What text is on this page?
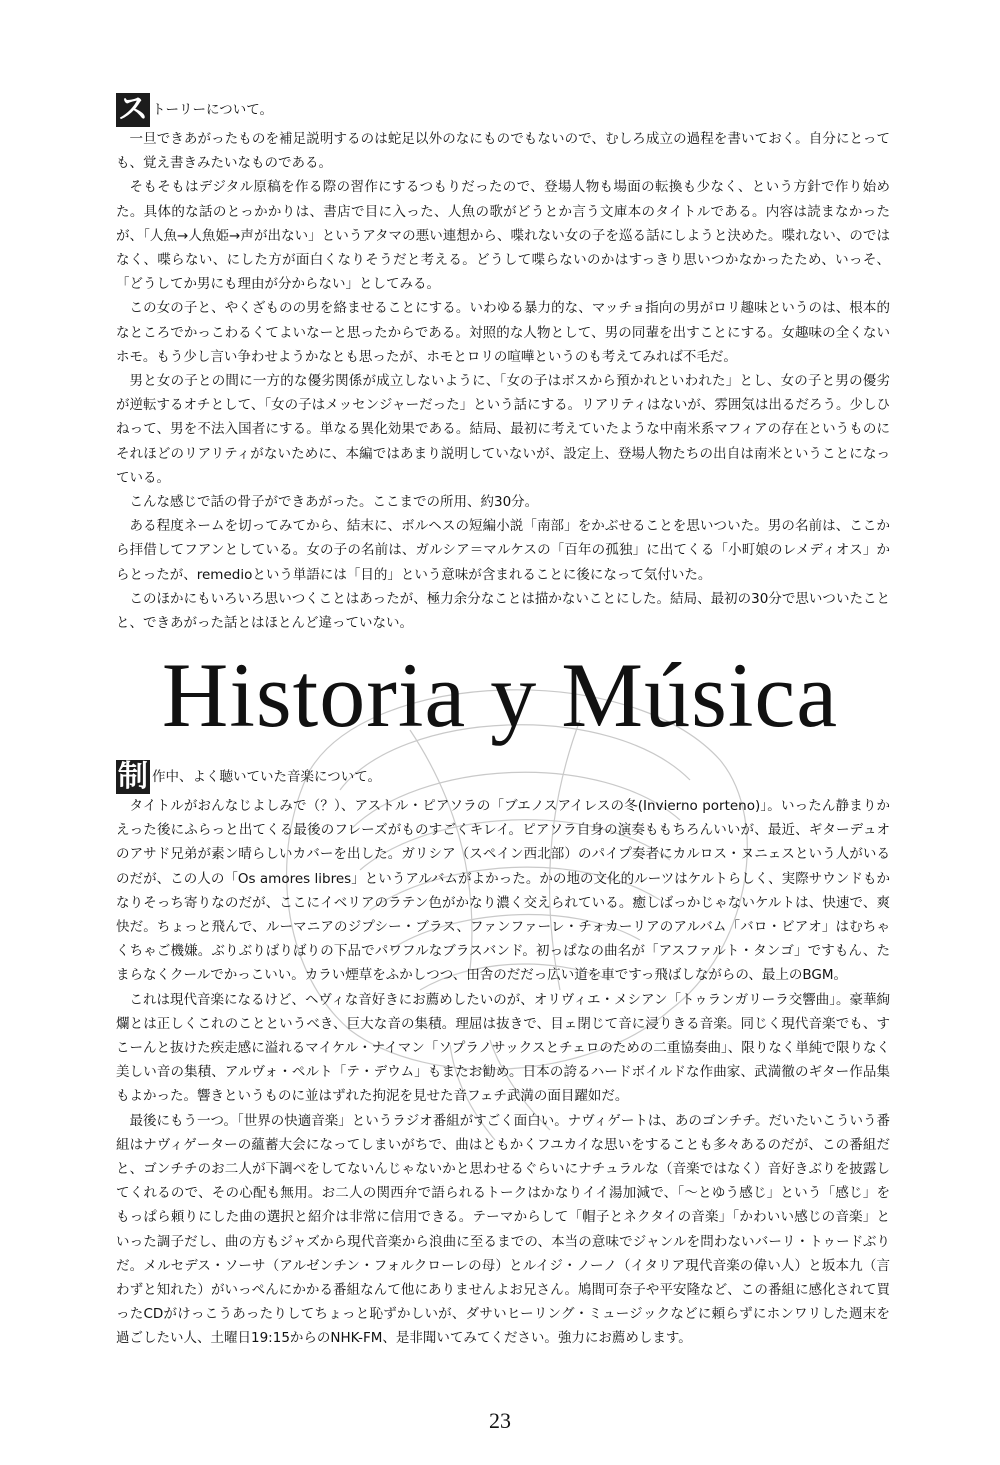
ス トーリーについて。

一旦できあがったものを補足説明するのは蛇足以外のなにものでもないので、むしろ成立の過程を書いておく。自分にとっても、覚え書きみたいなものである。

そもそもはデジタル原稿を作る際の習作にするつもりだったので、登場人物も場面の転換も少なく、という方針で作り始めた。具体的な話のとっかかりは、書店で目に入った、人魚の歌がどうとか言う文庫本のタイトルである。内容は読まなかったが、「人魚→人魚姫→声が出ない」というアタマの悪い連想から、喋れない女の子を巡る話にしようと決めた。喋れない、のではなく、喋らない、にした方が面白くなりそうだと考える。どうして喋らないのかはすっきり思いつかなかったため、いっそ、「どうしてか男にも理由が分からない」としてみる。

この女の子と、やくざものの男を絡ませることにする。いわゆる暴力的な、マッチョ指向の男がロリ趣味というのは、根本的なところでかっこわるくてよいなーと思ったからである。対照的な人物として、男の同輩を出すことにする。女趣味の全くないホモ。もう少し言い争わせようかなとも思ったが、ホモとロリの喧嘩というのも考えてみれば不毛だ。

男と女の子との間に一方的な優劣関係が成立しないように、「女の子はボスから預かれといわれた」とし、女の子と男の優劣が逆転するオチとして、「女の子はメッセンジャーだった」という話にする。リアリティはないが、雰囲気は出るだろう。少しひねって、男を不法入国者にする。単なる異化効果である。結局、最初に考えていたような中南米系マフィアの存在というものにそれほどのリアリティがないために、本編ではあまり説明していないが、設定上、登場人物たちの出自は南米ということになっている。

こんな感じで話の骨子ができあがった。ここまでの所用、約30分。

ある程度ネームを切ってみてから、結末に、ボルヘスの短編小説「南部」をかぶせることを思いついた。男の名前は、ここから拝借してフアンとしている。女の子の名前は、ガルシア＝マルケスの「百年の孤独」に出てくる「小町娘のレメディオス」からとったが、remedioという単語には「目的」という意味が含まれることに後になって気付いた。

このほかにもいろいろ思いつくことはあったが、極力余分なことは描かないことにした。結局、最初の30分で思いついたことと、できあがった話とはほとんど違っていない。

Historia y Música
制 作中、よく聴いていた音楽について。

タイトルがおんなじよしみで（？）、アストル・ピアソラの「ブエノスアイレスの冬(Invierno porteno)」。いったん静まりかえった後にふらっと出てくる最後のフレーズがものすごくキレイ。ピアソラ自身の演奏ももちろんいいが、最近、ギターデュオのアサド兄弟が素ン晴らしいカバーを出した。ガリシア（スペイン西北部）のパイプ奏者にカルロス・ヌニェスという人がいるのだが、この人の「Os amores libres」というアルバムがよかった。かの地の文化的ルーツはケルトらしく、実際サウンドもかなりそっち寄りなのだが、ここにイベリアのラテン色がかなり濃く交えられている。癒しばっかじゃないケルトは、快速で、爽快だ。ちょっと飛んで、ルーマニアのジプシー・ブラス、ファンファーレ・チォカーリアのアルバム「バロ・ビアオ」はむちゃくちゃご機嫌。ぶりぶりばりばりの下品でパワフルなブラスバンド。初っぱなの曲名が「アスファルト・タンゴ」ですもん、たまらなくクールでかっこいい。カラい煙草をふかしつつ、田舎のだだっ広い道を車ですっ飛ばしながらの、最上のBGM。

これは現代音楽になるけど、ヘヴィな音好きにお薦めしたいのが、オリヴィエ・メシアン「トゥランガリーラ交響曲」。豪華絢爛とは正しくこれのことというべき、巨大な音の集積。理屈は抜きで、目ェ閉じて音に浸りきる音楽。同じく現代音楽でも、すこーんと抜けた疾走感に溢れるマイケル・ナイマン「ソプラノサックスとチェロのための二重協奏曲」、限りなく単純で限りなく美しい音の集積、アルヴォ・ペルト「テ・デウム」もまたお勧め。日本の誇るハードボイルドな作曲家、武満徹のギター作品集もよかった。響きというものに並はずれた拘泥を見せた音フェチ武満の面目躍如だ。

最後にもう一つ。「世界の快適音楽」というラジオ番組がすごく面白い。ナヴィゲートは、あのゴンチチ。だいたいこういう番組はナヴィゲーターの蘊蓄大会になってしまいがちで、曲はともかくフユカイな思いをすることも多々あるのだが、この番組だと、ゴンチチのお二人が下調べをしてないんじゃないかと思わせるぐらいにナチュラルな（音楽ではなく）音好きぶりを披露してくれるので、その心配も無用。お二人の関西弁で語られるトークはかなりイイ湯加減で、「～とゆう感じ」という「感じ」をもっぱら頼りにした曲の選択と紹介は非常に信用できる。テーマからして「帽子とネクタイの音楽」「かわいい感じの音楽」といった調子だし、曲の方もジャズから現代音楽から浪曲に至るまでの、本当の意味でジャンルを問わないバーリ・トゥードぶりだ。メルセデス・ソーサ（アルゼンチン・フォルクローレの母）とルイジ・ノーノ（イタリア現代音楽の偉い人）と坂本九（言わずと知れた）がいっぺんにかかる番組なんて他にありませんよお兄さん。鳩間可奈子や平安隆など、この番組に感化されて買ったCDがけっこうあったりしてちょっと恥ずかしいが、ダサいヒーリング・ミュージックなどに頼らずにホンワリした週末を過ごしたい人、土曜日19:15からのNHK-FM、是非聞いてみてください。強力にお薦めします。

23
